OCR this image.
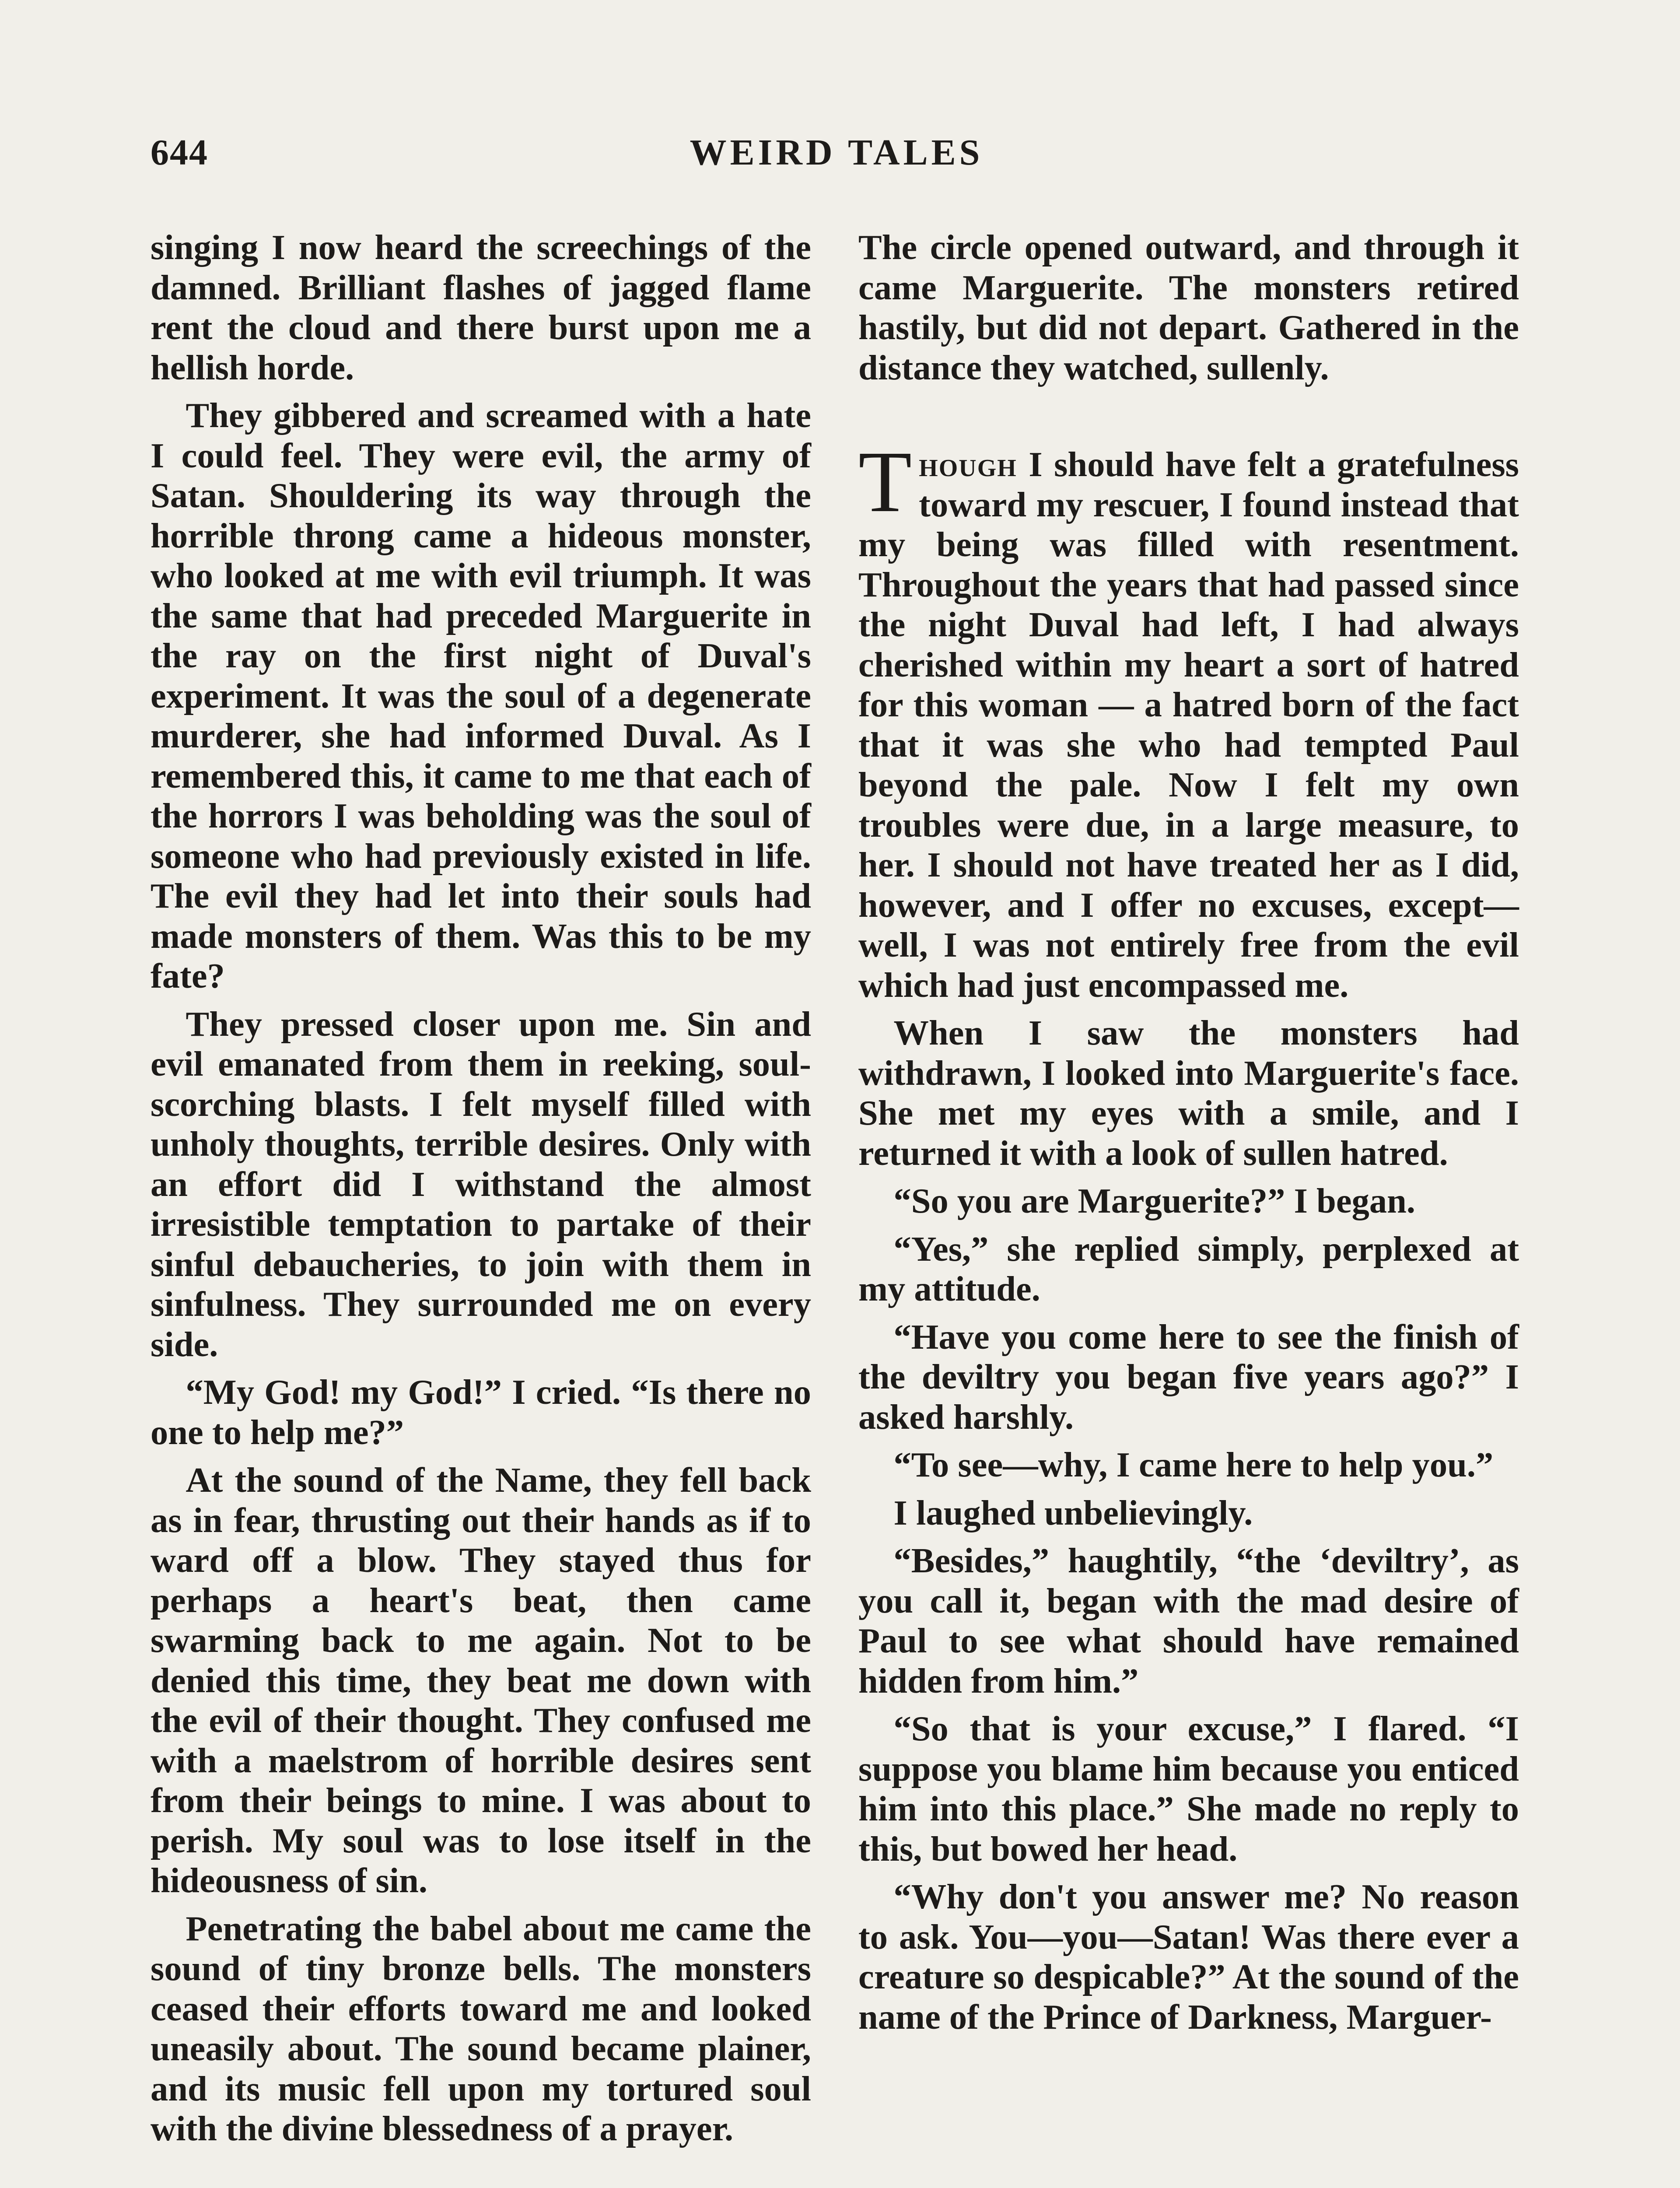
644	WEIRD TALES

singing I now heard the screechings of the damned. Brilliant flashes of jagged flame rent the cloud and there burst upon me a hellish horde.

They gibbered and screamed with a hate I could feel. They were evil, the army of Satan. Shouldering its way through the horrible throng came a hideous monster, who looked at me with evil triumph. It was the same that had preceded Marguerite in the ray on the first night of Duval's experiment. It was the soul of a degenerate murderer, she had informed Duval. As I remembered this, it came to me that each of the horrors I was beholding was the soul of someone who had previously existed in life. The evil they had let into their souls had made monsters of them. Was this to be my fate?

They pressed closer upon me. Sin and evil emanated from them in reeking, soul-scorching blasts. I felt myself filled with unholy thoughts, terrible desires. Only with an effort did I withstand the almost irresistible temptation to partake of their sinful debaucheries, to join with them in sinfulness. They surrounded me on every side.

“My God! my God!” I cried. “Is there no one to help me?”

At the sound of the Name, they fell back as in fear, thrusting out their hands as if to ward off a blow. They stayed thus for perhaps a heart's beat, then came swarming back to me again. Not to be denied this time, they beat me down with the evil of their thought. They confused me with a maelstrom of horrible desires sent from their beings to mine. I was about to perish. My soul was to lose itself in the hideousness of sin.

Penetrating the babel about me came the sound of tiny bronze bells. The monsters ceased their efforts toward me and looked uneasily about. The sound became plainer, and its music fell upon my tortured soul with the divine blessedness of a prayer.

The circle opened outward, and through it came Marguerite. The monsters retired hastily, but did not depart. Gathered in the distance they watched, sullenly.

Though I should have felt a gratefulness toward my rescuer, I found instead that my being was filled with resentment. Throughout the years that had passed since the night Duval had left, I had always cherished within my heart a sort of hatred for this woman — a hatred born of the fact that it was she who had tempted Paul beyond the pale. Now I felt my own troubles were due, in a large measure, to her. I should not have treated her as I did, however, and I offer no excuses, except—well, I was not entirely free from the evil which had just encompassed me.

When I saw the monsters had withdrawn, I looked into Marguerite's face. She met my eyes with a smile, and I returned it with a look of sullen hatred.

“So you are Marguerite?” I began.

“Yes,” she replied simply, perplexed at my attitude.

“Have you come here to see the finish of the deviltry you began five years ago?” I asked harshly.

“To see—why, I came here to help you.”

I laughed unbelievingly.

“Besides,” haughtily, “the ‘deviltry’, as you call it, began with the mad desire of Paul to see what should have remained hidden from him.”

“So that is your excuse,” I flared. “I suppose you blame him because you enticed him into this place.” She made no reply to this, but bowed her head.

“Why don't you answer me? No reason to ask. You—you—Satan! Was there ever a creature so despicable?” At the sound of the name of the Prince of Darkness, Marguer-
